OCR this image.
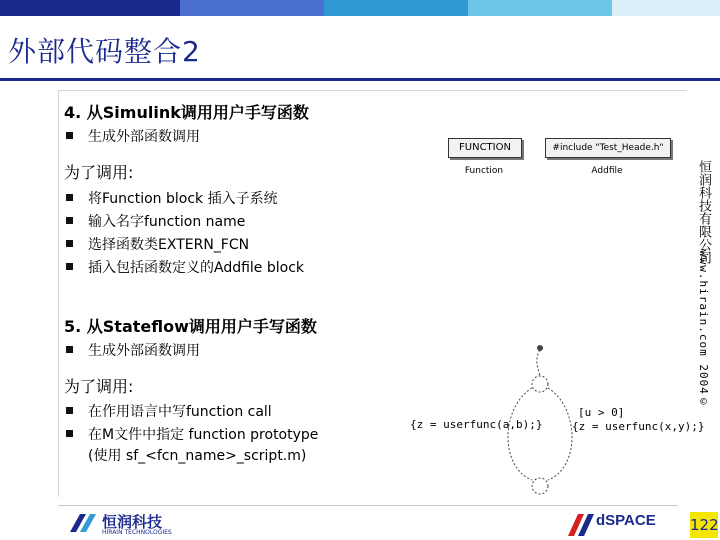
外部代码整合2
4. 从Simulink调用用户手写函数
生成外部函数调用
为了调用:
将Function block 插入子系统
输入名字function name
选择函数类EXTERN_FCN
插入包括函数定义的Addfile block
FUNCTION
Function
#include "Test_Heade.h"
Addfile
5. 从Stateflow调用用户手写函数
生成外部函数调用
为了调用:
在作用语言中写function call
在M文件中指定 function prototype
(使用 sf_<fcn_name>_script.m)
{z = userfunc(a,b);}
[u > 0]
{z = userfunc(x,y);}
恒润科技有限公司
www.hirain.com 2004©
恒润科技
HIRAIN TECHNOLOGIES
dSPACE 122
